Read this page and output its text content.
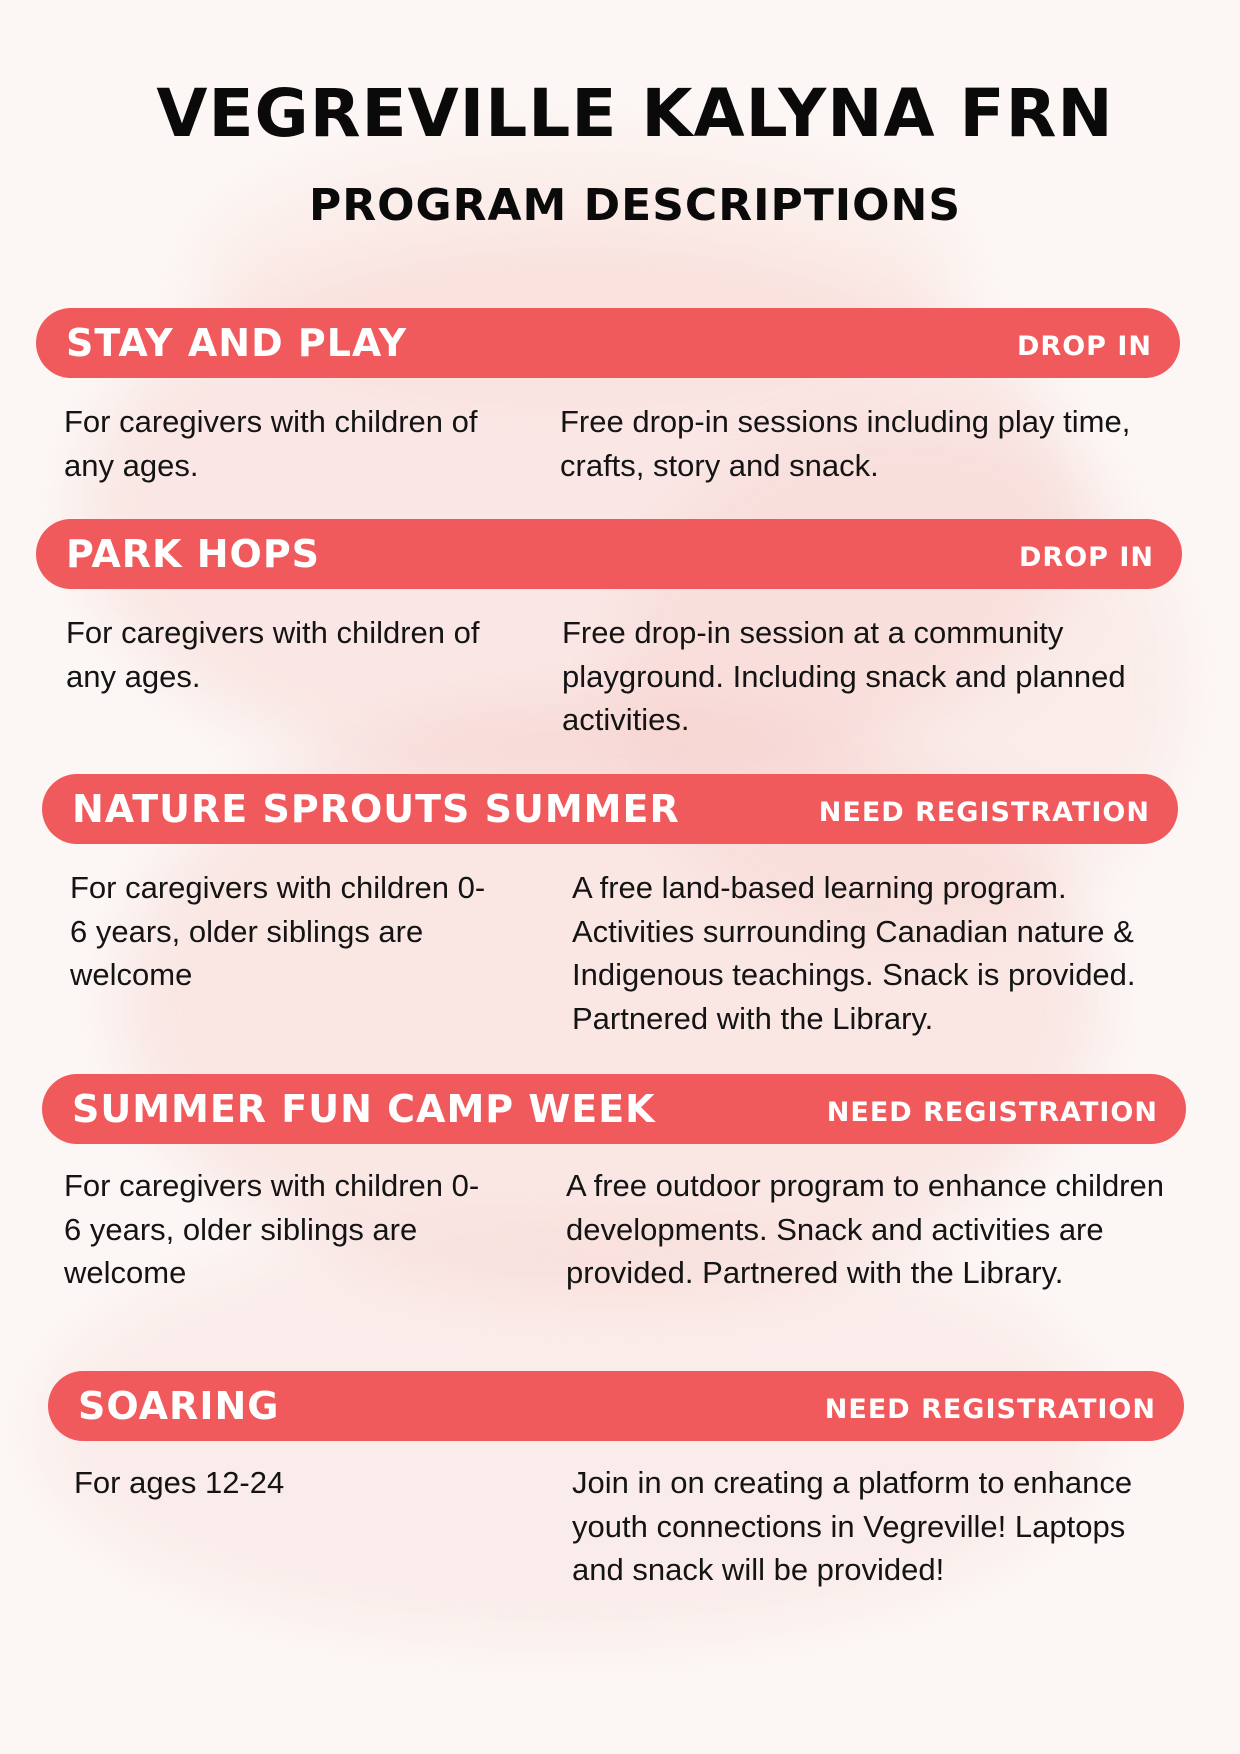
VEGREVILLE KALYNA FRN
PROGRAM DESCRIPTIONS
STAY AND PLAY	DROP IN

For caregivers with children of any ages.

Free drop-in sessions including play time, crafts, story and snack.

PARK HOPS	DROP IN

For caregivers with children of any ages.

Free drop-in session at a community playground. Including snack and planned activities.

NATURE SPROUTS SUMMER	NEED REGISTRATION

For caregivers with children 0-6 years, older siblings are welcome

A free land-based learning program. Activities surrounding Canadian nature & Indigenous teachings. Snack is provided. Partnered with the Library.

SUMMER FUN CAMP WEEK	NEED REGISTRATION

For caregivers with children 0-6 years, older siblings are welcome

A free outdoor program to enhance children developments. Snack and activities are provided. Partnered with the Library.

SOARING	NEED REGISTRATION

For ages 12-24	Join in on creating a platform to enhance youth connections in Vegreville! Laptops and snack will be provided!
